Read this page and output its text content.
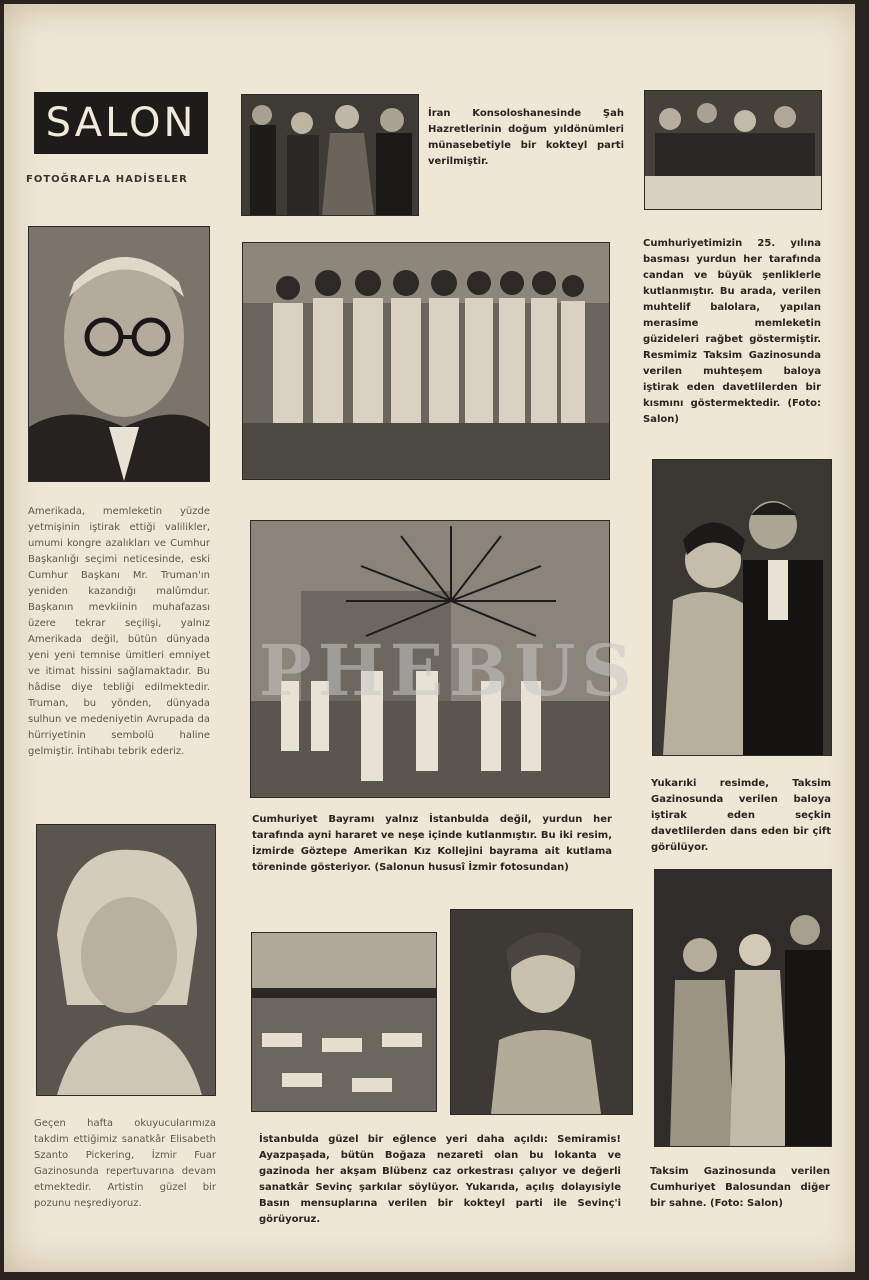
SALON
FOTOĞRAFLA HADİSELER

İran Konsoloshanesinde Şah Hazretlerinin doğum yıldönümleri münasebetiyle bir kokteyl parti verilmiştir.

Cumhuriyetimizin 25. yılına basması yurdun her tarafında candan ve büyük şenliklerle kutlanmıştır. Bu arada, verilen muhtelif balolara, yapılan merasime memleketin güzideleri rağbet göstermiştir. Resmimiz Taksim Gazinosunda verilen muhteşem baloya iştirak eden davetlilerden bir kısmını göstermektedir. (Foto: Salon)

Amerikada, memleketin yüzde yetmişinin iştirak ettiği valilikler, umumi kongre azalıkları ve Cumhur Başkanlığı seçimi neticesinde, eski Cumhur Başkanı Mr. Truman'ın yeniden kazandığı malûmdur. Başkanın mevkiinin muhafazası üzere tekrar seçilişi, yalnız Amerikada değil, bütün dünyada yeni yeni temnise ümitleri emniyet ve itimat hissini sağlamaktadır. Bu hâdise diye tebliği edilmektedir. Truman, bu yönden, dünyada sulhun ve medeniyetin Avrupada da hürriyetinin sembolü haline gelmiştir. İntihabı tebrik ederiz.

PHEBUS

Cumhuriyet Bayramı yalnız İstanbulda değil, yurdun her tarafında ayni hararet ve neşe içinde kutlanmıştır. Bu iki resim, İzmirde Göztepe Amerikan Kız Kollejini bayrama ait kutlama töreninde gösteriyor. (Salonun hususî İzmir fotosundan)

Yukarıki resimde, Taksim Gazinosunda verilen baloya iştirak eden seçkin davetlilerden dans eden bir çift görülüyor.

Geçen hafta okuyucularımıza takdim ettiğimiz sanatkâr Elisabeth Szanto Pickering, İzmir Fuar Gazinosunda repertuvarına devam etmektedir. Artistin güzel bir pozunu neşrediyoruz.

İstanbulda güzel bir eğlence yeri daha açıldı: Semiramis! Ayazpaşada, bütün Boğaza nezareti olan bu lokanta ve gazinoda her akşam Blübenz caz orkestrası çalıyor ve değerli sanatkâr Sevinç şarkılar söylüyor. Yukarıda, açılış dolayısiyle Basın mensuplarına verilen bir kokteyl parti ile Sevinç'i görüyoruz.

Taksim Gazinosunda verilen Cumhuriyet Balosundan diğer bir sahne. (Foto: Salon)
